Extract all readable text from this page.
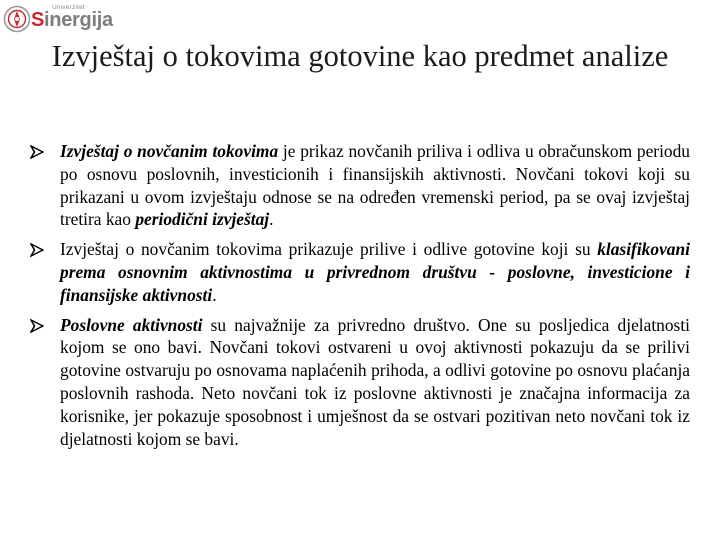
Univerzitet
Sinergija
Izvještaj o tokovima gotovine kao predmet analize
Izvještaj o novčanim tokovima je prikaz novčanih priliva i odliva u obračunskom periodu po osnovu poslovnih, investicionih i finansijskih aktivnosti. Novčani tokovi koji su prikazani u ovom izvještaju odnose se na određen vremenski period, pa se ovaj izvještaj tretira kao periodični izvještaj.
Izvještaj o novčanim tokovima prikazuje prilive i odlive gotovine koji su klasifikovani prema osnovnim aktivnostima u privrednom društvu - poslovne, investicione i finansijske aktivnosti.
Poslovne aktivnosti su najvažnije za privredno društvo. One su posljedica djelatnosti kojom se ono bavi. Novčani tokovi ostvareni u ovoj aktivnosti pokazuju da se prilivi gotovine ostvaruju po osnovama naplaćenih prihoda, a odlivi gotovine po osnovu plaćanja poslovnih rashoda. Neto novčani tok iz poslovne aktivnosti je značajna informacija za korisnike, jer pokazuje sposobnost i umješnost da se ostvari pozitivan neto novčani tok iz djelatnosti kojom se bavi.
